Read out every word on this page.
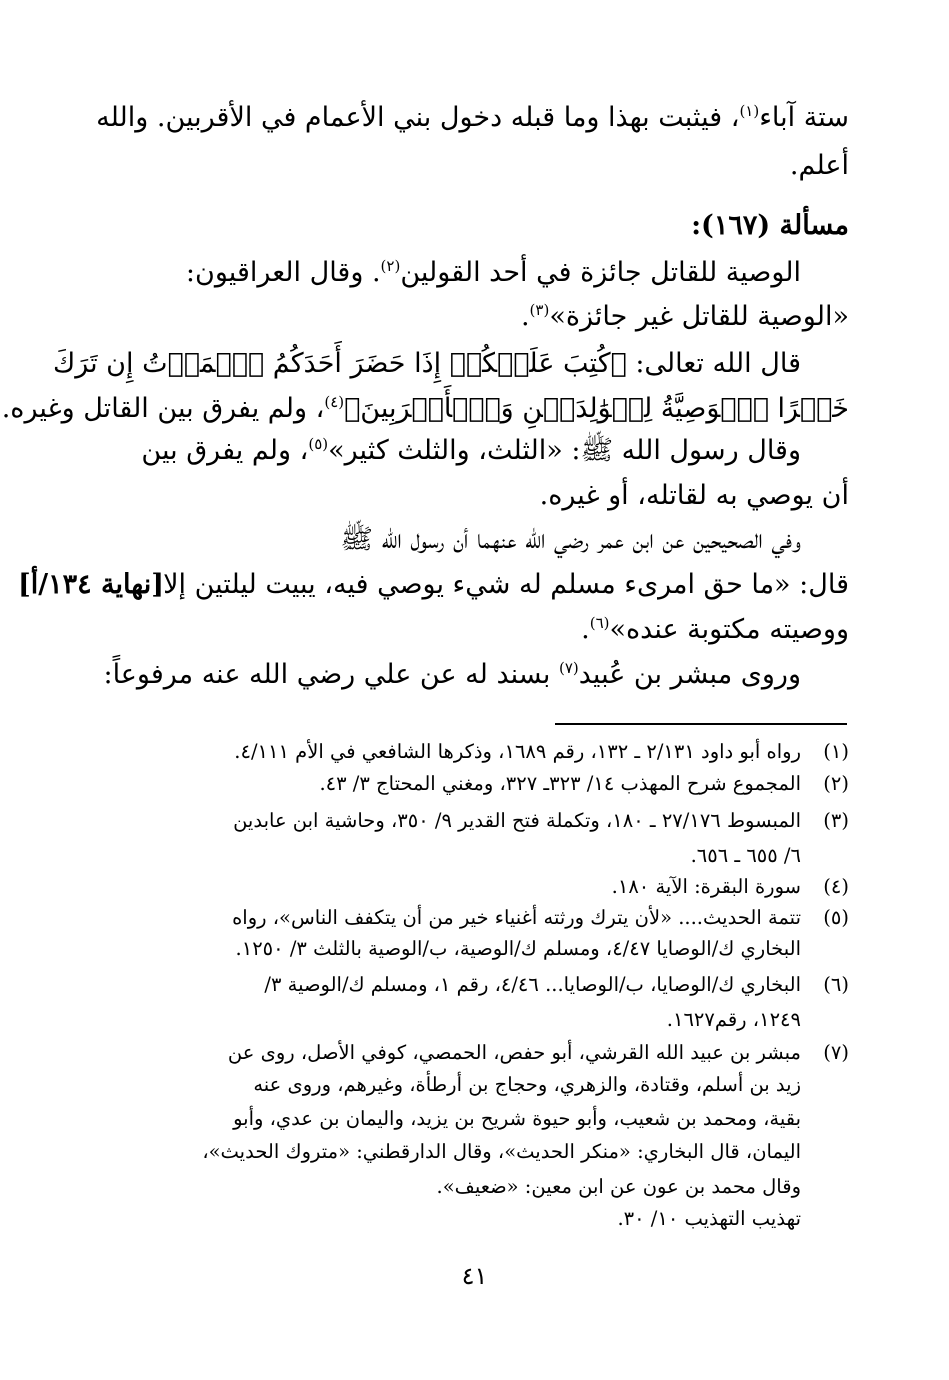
ستة آباء$^{(١)}$، فيثبت بهذا وما قبله دخول بني الأعمام في الأقربين. والله
أعلم.
مسألة (١٦٧):
الوصية للقاتل جائزة في أحد القولين$^{(٢)}$. وقال العراقيون:
«الوصية للقاتل غير جائزة»$^{(٣)}$.
قال الله تعالى: ﴿كُتِبَ عَلَيۡكُمۡ إِذَا حَضَرَ أَحَدَكُمُ ٱلۡمَوۡتُ إِن تَرَكَ
خَيۡرًا ٱلۡوَصِيَّةُ لِلۡوَٰلِدَيۡنِ وَٱلۡأَقۡرَبِينَ﴾$^{(٤)}$، ولم يفرق بين القاتل وغيره.
وقال رسول الله ﷺ: «الثلث، والثلث كثير»$^{(٥)}$، ولم يفرق بين
أن يوصي به لقاتله، أو غيره.
وفي الصحيحين عن ابن عمر رضي الله عنهما أن رسول الله ﷺ
قال: «ما حق امرىء مسلم له شيء يوصي فيه، يبيت ليلتين إلا
[نهاية ١٣٤/أ]
ووصيته مكتوبة عنده»$^{(٦)}$.
وروى مبشر بن عُبيد$^{(٧)}$ بسند له عن علي رضي الله عنه مرفوعاً:
(١)رواه أبو داود ٢/١٣١ ـ ١٣٢، رقم ١٦٨٩، وذكرها الشافعي في الأم ٤/١١١.
(٢)المجموع شرح المهذب ١٤/ ٣٢٣ـ ٣٢٧، ومغني المحتاج ٣/ ٤٣.
(٣)المبسوط ٢٧/١٧٦ ـ ١٨٠، وتكملة فتح القدير ٩/ ٣٥٠، وحاشية ابن عابدين
٦/ ٦٥٥ ـ ٦٥٦.
(٤)سورة البقرة: الآية ١٨٠.
(٥)تتمة الحديث.... «لأن يترك ورثته أغنياء خير من أن يتكفف الناس»، رواه
البخاري ك/الوصايا ٤/٤٧، ومسلم ك/الوصية، ب/الوصية بالثلث ٣/ ١٢٥٠.
(٦)البخاري ك/الوصايا، ب/الوصايا... ٤/٤٦، رقم ١، ومسلم ك/الوصية ٣/
١٢٤٩، رقم١٦٢٧.
(٧)مبشر بن عبيد الله القرشي، أبو حفص، الحمصي، كوفي الأصل، روى عن
زيد بن أسلم، وقتادة، والزهري، وحجاج بن أرطأة، وغيرهم، وروى عنه
بقية، ومحمد بن شعيب، وأبو حيوة شريح بن يزيد، واليمان بن عدي، وأبو
اليمان، قال البخاري: «منكر الحديث»، وقال الدارقطني: «متروك الحديث»،
وقال محمد بن عون عن ابن معين: «ضعيف».
تهذيب التهذيب ١٠/ ٣٠.
٤١
